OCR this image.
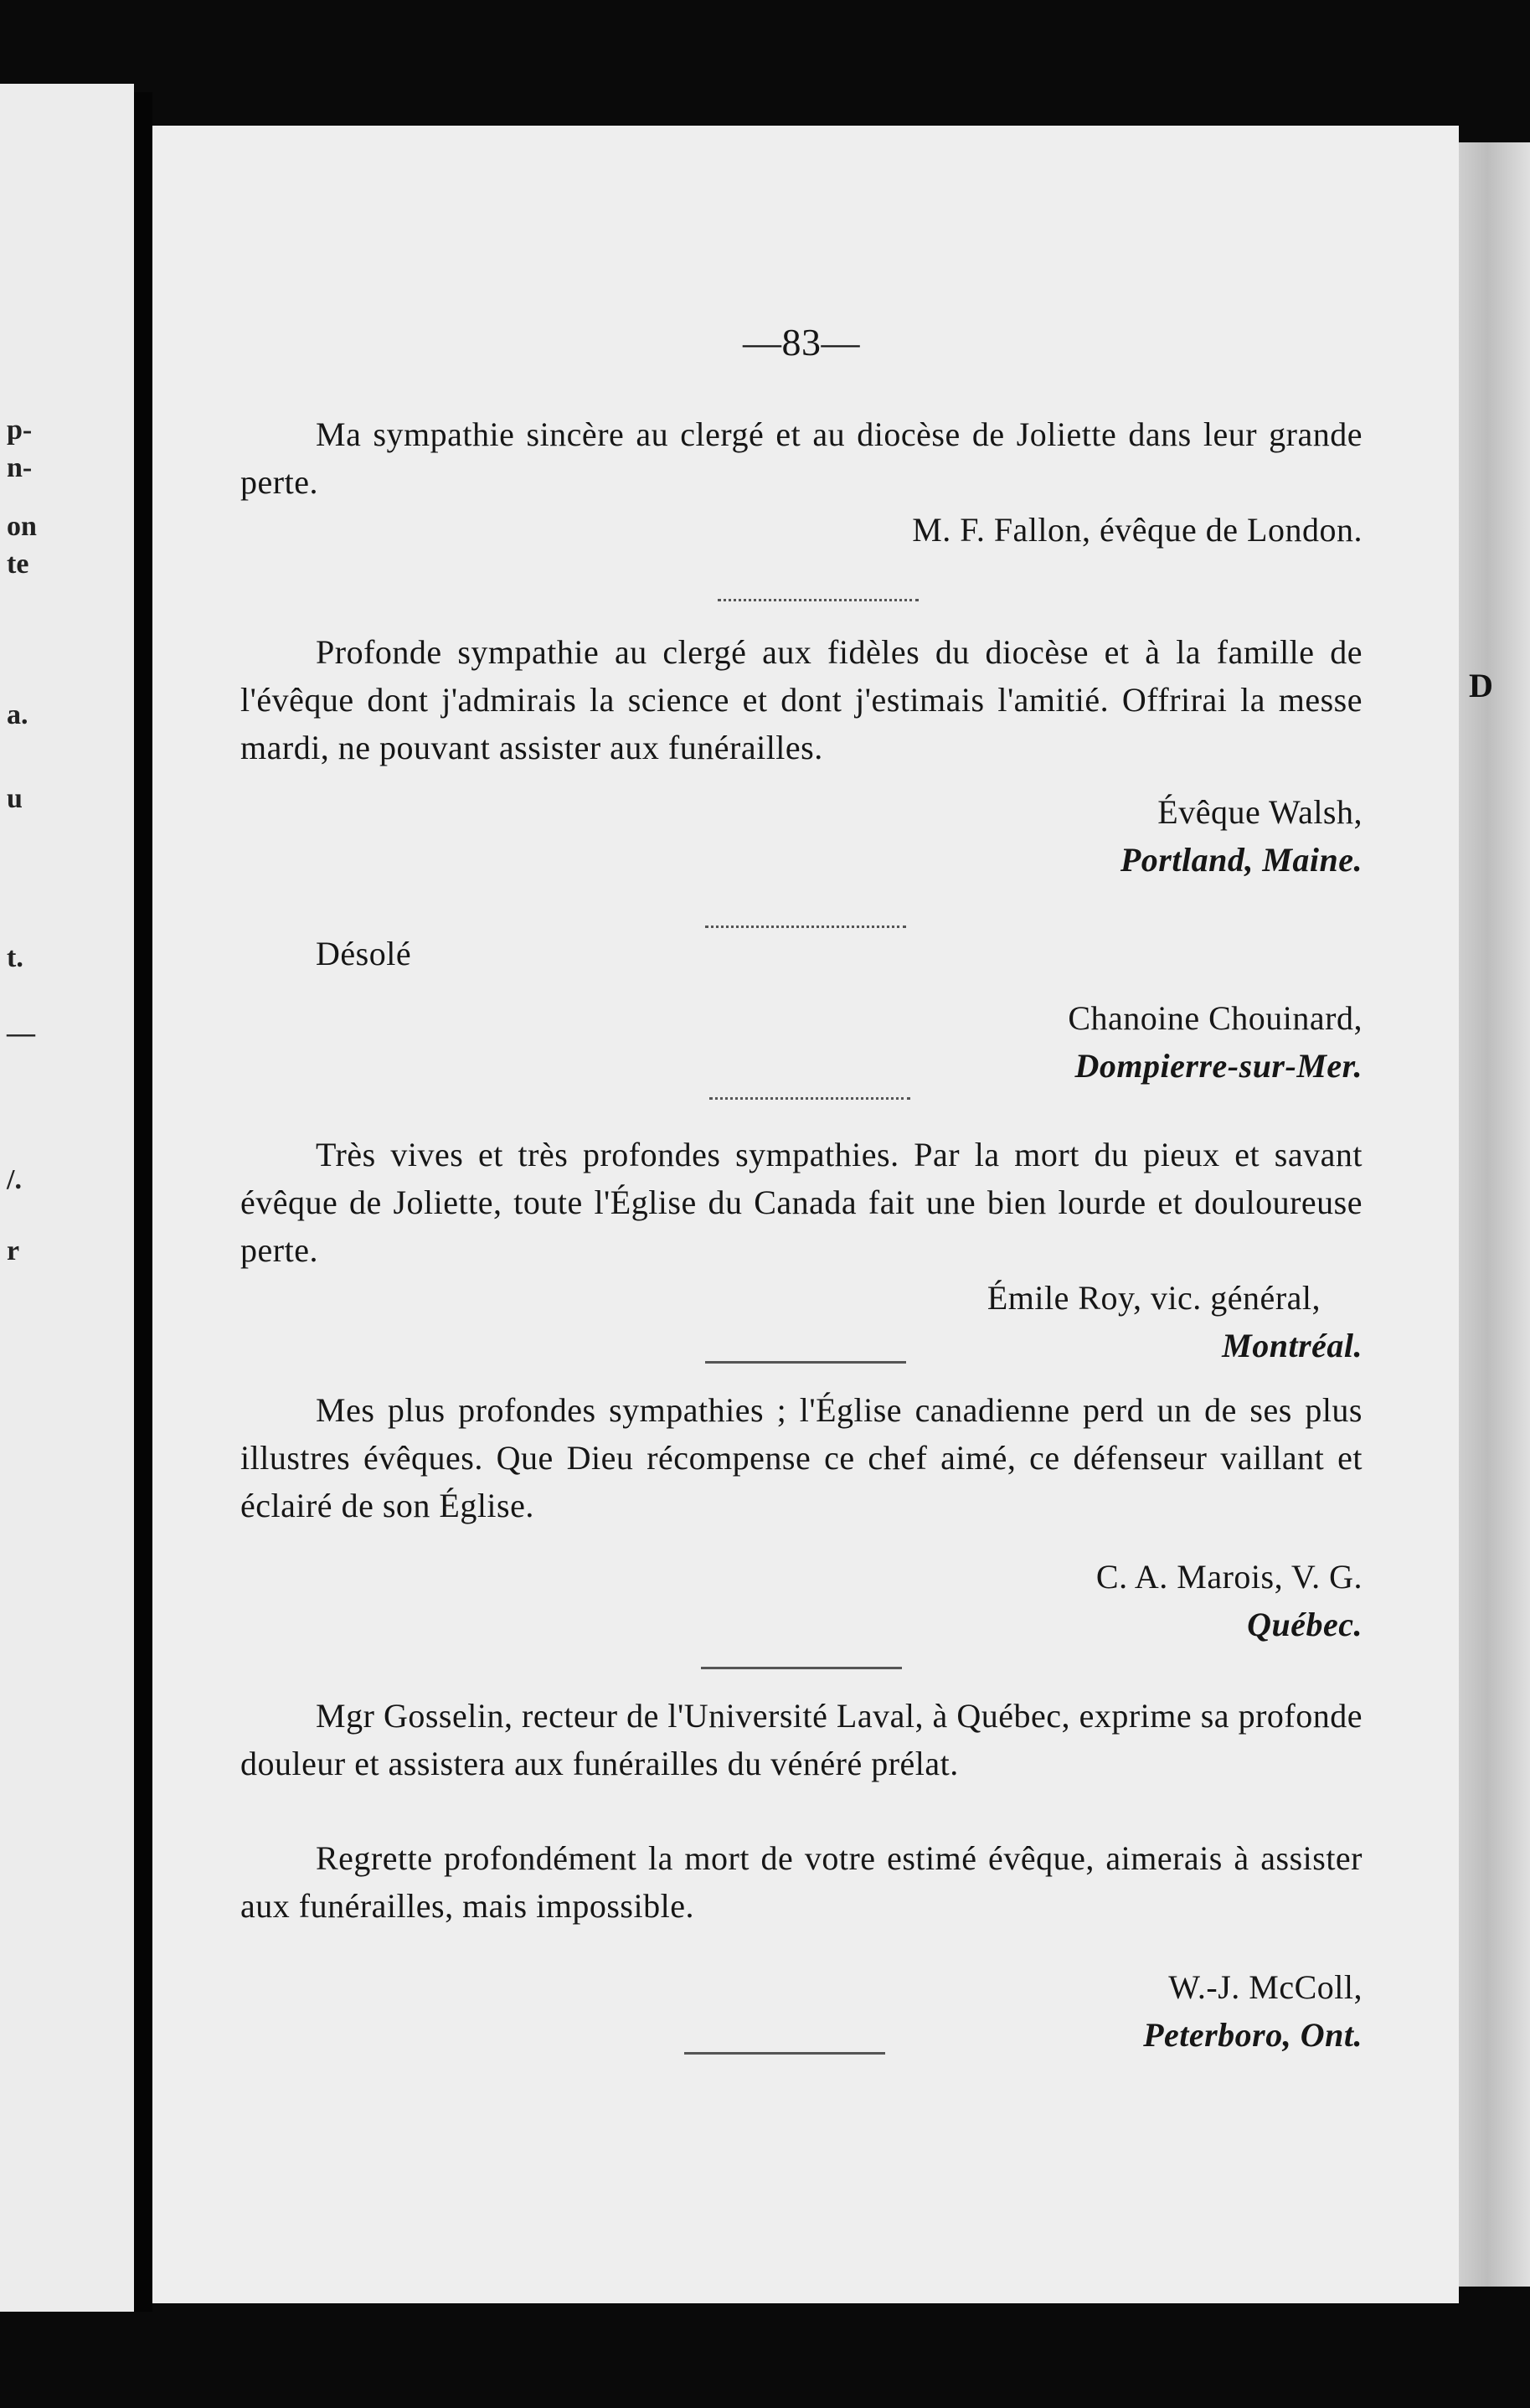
p-
n-
on
te
a.
u
t.
—
/.
r
—83—

Ma sympathie sincère au clergé et au diocèse de Joliette dans leur grande perte.

M. F. Fallon, évêque de London.

Profonde sympathie au clergé aux fidèles du diocèse et à la famille de l'évêque dont j'admirais la science et dont j'estimais l'amitié. Offrirai la messe mardi, ne pouvant assister aux funérailles.

Évêque Walsh,

Portland, Maine.

Désolé

Chanoine Chouinard,

Dompierre-sur-Mer.

Très vives et très profondes sympathies. Par la mort du pieux et savant évêque de Joliette, toute l'Église du Canada fait une bien lourde et douloureuse perte.

Émile Roy, vic. général,

Montréal.

Mes plus profondes sympathies ; l'Église canadienne perd un de ses plus illustres évêques. Que Dieu récompense ce chef aimé, ce défenseur vaillant et éclairé de son Église.

C. A. Marois, V. G.

Québec.

Mgr Gosselin, recteur de l'Université Laval, à Québec, exprime sa profonde douleur et assistera aux funérailles du vénéré prélat.

Regrette profondément la mort de votre estimé évêque, aimerais à assister aux funérailles, mais impossible.

W.-J. McColl,

Peterboro, Ont.

D
